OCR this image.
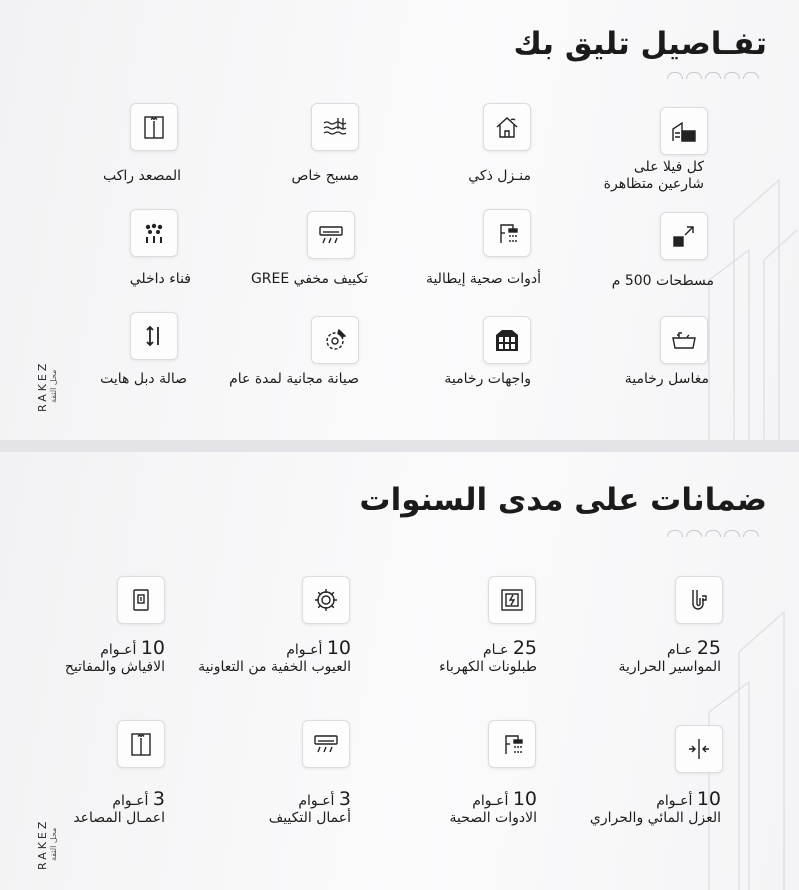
تفـاصيل تليق بك
كل فيلا على
شارعين متظاهرة
منـزل ذكي
مسبح خاص
المصعد راكب
مسطحات 500 م
أدوات صحية إيطالية
تكييف مخفي GREE
فناء داخلي
مغاسل رخامية
واجهات رخامية
صيانة مجانية لمدة عام
صالة دبل هايت
RAKEZ محل الثقة
ضمانات على مدى السنوات
25 عـام
المواسير الحرارية
25 عـام
طبلونات الكهرباء
10 أعـوام
العيوب الخفية من التعاونية
10 أعـوام
الافياش والمفاتيح
10 أعـوام
العزل المائي والحراري
10 أعـوام
الادوات الصحية
3 أعـوام
أعمال التكييف
3 أعـوام
اعمـال المصاعد
RAKEZ محل الثقة
